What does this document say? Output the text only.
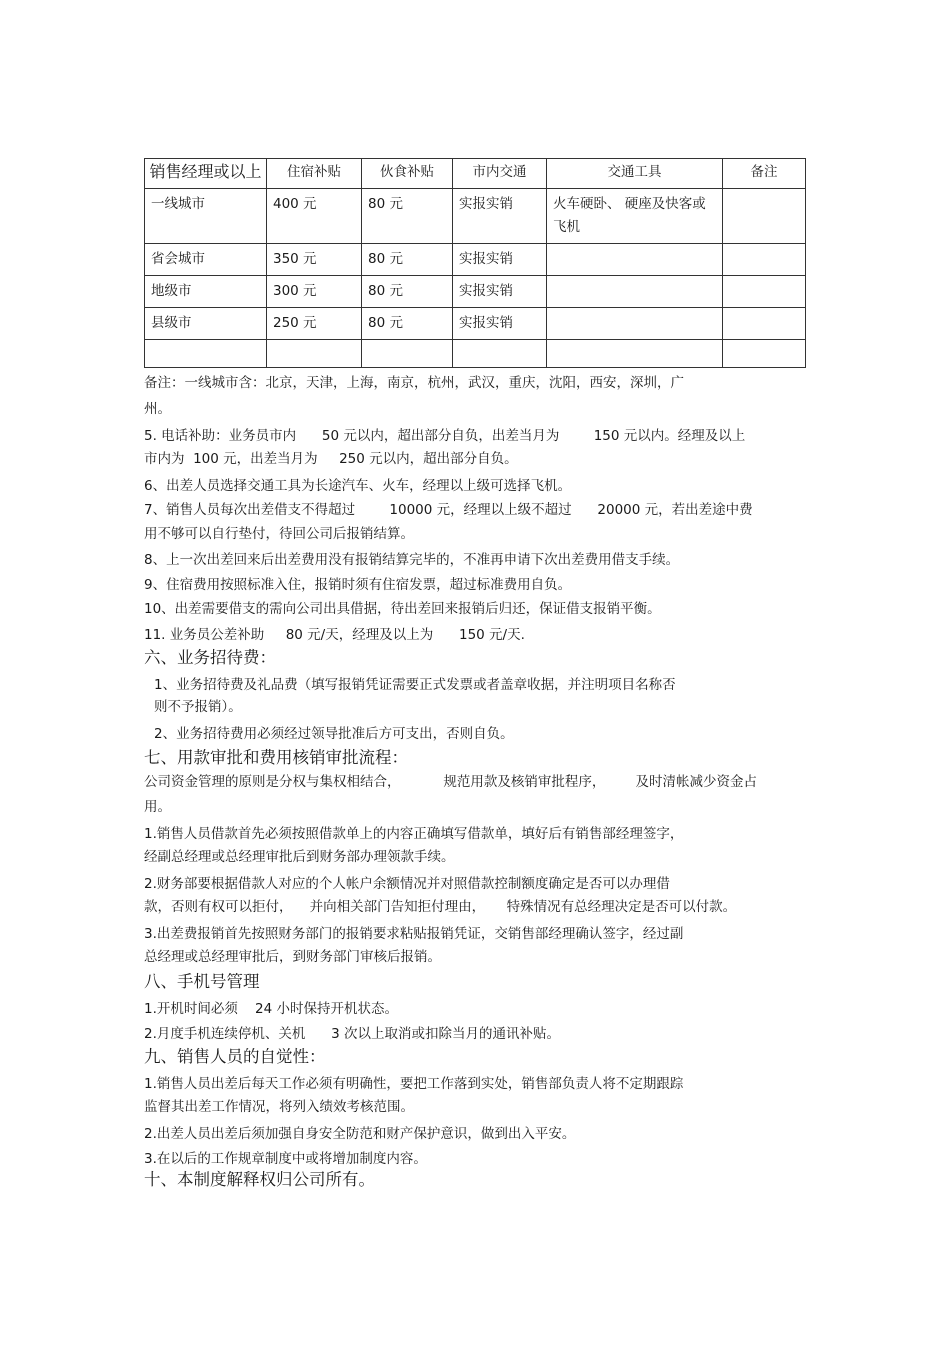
销售经理或以上	住宿补贴	伙食补贴	市内交通	交通工具	备注
一线城市	400 元	80 元	实报实销	火车硬卧、 硬座及快客或飞机	
省会城市	350 元	80 元	实报实销		
地级市	300 元	80 元	实报实销		
县级市	250 元	80 元	实报实销		

备注：一线城市含：北京，天津，上海，南京，杭州，武汉，重庆，沈阳，西安，深圳，广
州。
5. 电话补助：业务员市内      50 元以内，超出部分自负，出差当月为        150 元以内。经理及以上
市内为  100 元，出差当月为     250 元以内，超出部分自负。
6、出差人员选择交通工具为长途汽车、火车，经理以上级可选择飞机。
7、销售人员每次出差借支不得超过        10000 元，经理以上级不超过      20000 元，若出差途中费
用不够可以自行垫付，待回公司后报销结算。
8、上一次出差回来后出差费用没有报销结算完毕的，不准再申请下次出差费用借支手续。
9、住宿费用按照标准入住，报销时须有住宿发票，超过标准费用自负。
10、出差需要借支的需向公司出具借据，待出差回来报销后归还，保证借支报销平衡。
11. 业务员公差补助     80 元/天，经理及以上为      150 元/天.
六、业务招待费：
1、业务招待费及礼品费（填写报销凭证需要正式发票或者盖章收据，并注明项目名称否
则不予报销）。
2、业务招待费用必须经过领导批准后方可支出，否则自负。
七、用款审批和费用核销审批流程：
公司资金管理的原则是分权与集权相结合，          规范用款及核销审批程序，       及时清帐减少资金占
用。
1.销售人员借款首先必须按照借款单上的内容正确填写借款单，填好后有销售部经理签字，
经副总经理或总经理审批后到财务部办理领款手续。
2.财务部要根据借款人对应的个人帐户余额情况并对照借款控制额度确定是否可以办理借
款，否则有权可以拒付，    并向相关部门告知拒付理由，     特殊情况有总经理决定是否可以付款。
3.出差费报销首先按照财务部门的报销要求粘贴报销凭证，交销售部经理确认签字，经过副
总经理或总经理审批后，到财务部门审核后报销。
八、手机号管理
1.开机时间必须    24 小时保持开机状态。
2.月度手机连续停机、关机      3 次以上取消或扣除当月的通讯补贴。
九、销售人员的自觉性：
1.销售人员出差后每天工作必须有明确性，要把工作落到实处，销售部负责人将不定期跟踪
监督其出差工作情况，将列入绩效考核范围。
2.出差人员出差后须加强自身安全防范和财产保护意识，做到出入平安。
3.在以后的工作规章制度中或将增加制度内容。
十、本制度解释权归公司所有。
